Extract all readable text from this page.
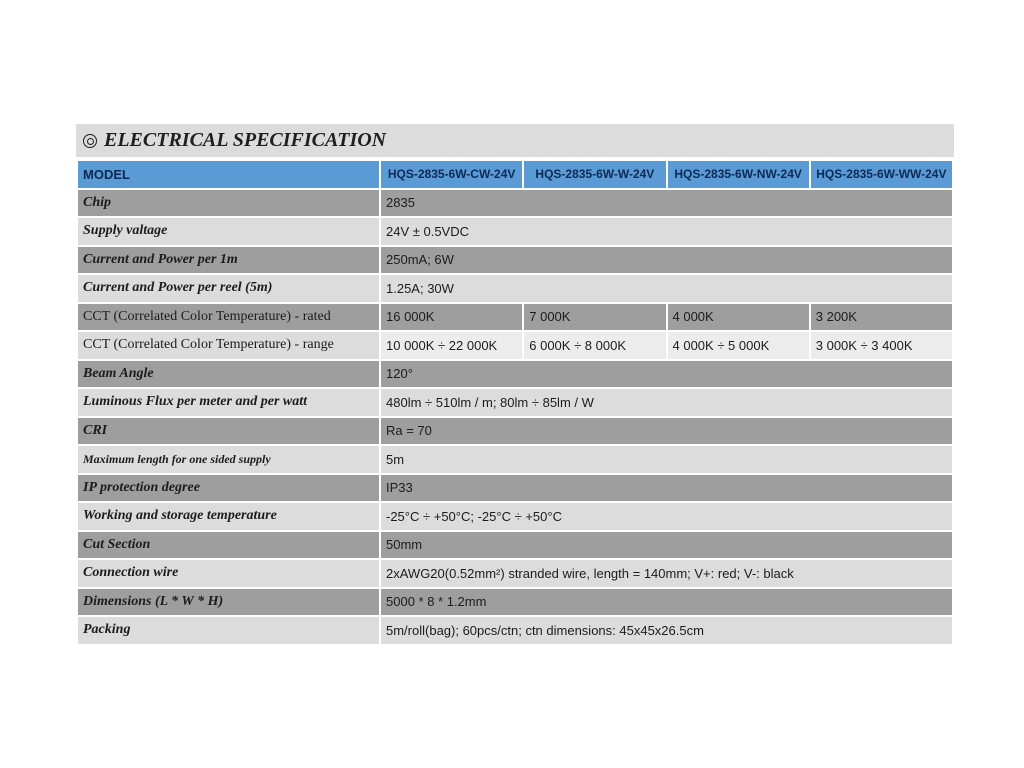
ELECTRICAL SPECIFICATION
MODEL	HQS-2835-6W-CW-24V	HQS-2835-6W-W-24V	HQS-2835-6W-NW-24V	HQS-2835-6W-WW-24V
Chip	2835			
Supply valtage	24V ± 0.5VDC			
Current and Power per 1m	250mA; 6W			
Current and Power per reel (5m)	1.25A; 30W			
CCT (Correlated Color Temperature) - rated	16 000K	7 000K	4 000K	3 200K
CCT (Correlated Color Temperature) - range	10 000K ÷ 22 000K	6 000K ÷ 8 000K	4 000K ÷ 5 000K	3 000K ÷ 3 400K
Beam Angle	120°			
Luminous Flux per meter and per watt	480lm ÷ 510lm / m; 80lm ÷ 85lm / W			
CRI	Ra = 70			
Maximum length for one sided supply	5m			
IP protection degree	IP33			
Working and storage temperature	-25°C ÷ +50°C; -25°C ÷ +50°C			
Cut Section	50mm			
Connection wire	2xAWG20(0.52mm²) stranded wire, length = 140mm; V+: red; V-: black			
Dimensions (L * W * H)	5000 * 8 * 1.2mm			
Packing	5m/roll(bag); 60pcs/ctn; ctn dimensions: 45x45x26.5cm			
